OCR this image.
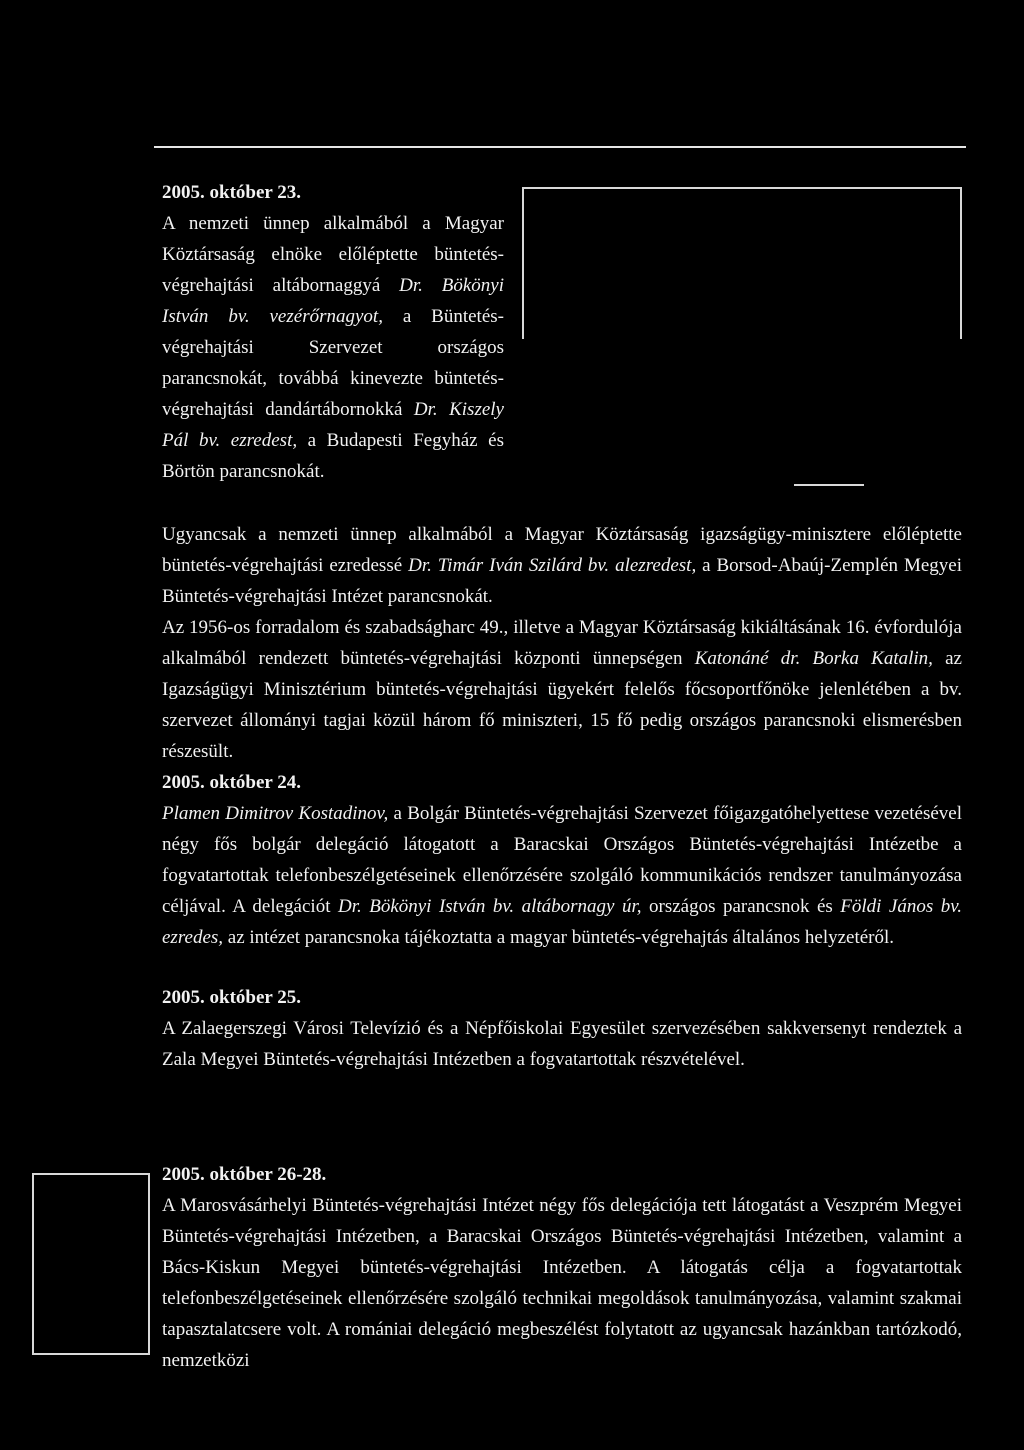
2005. október 23.

A nemzeti ünnep alkalmából a Magyar Köztársaság elnöke előléptette büntetés-végrehajtási altábornaggyá Dr. Bökönyi István bv. vezérőrnagyot, a Büntetés-végrehajtási Szervezet országos parancsnokát, továbbá kinevezte büntetés-végrehajtási dandártábornokká Dr. Kiszely Pál bv. ezredest, a Budapesti Fegyház és Börtön parancsnokát.

Ugyancsak a nemzeti ünnep alkalmából a Magyar Köztársaság igazságügy-minisztere előléptette büntetés-végrehajtási ezredessé Dr. Timár Iván Szilárd bv. alezredest, a Borsod-Abaúj-Zemplén Megyei Büntetés-végrehajtási Intézet parancsnokát.

Az 1956-os forradalom és szabadságharc 49., illetve a Magyar Köztársaság kikiáltásának 16. évfordulója alkalmából rendezett büntetés-végrehajtási központi ünnepségen Katonáné dr. Borka Katalin, az Igazságügyi Minisztérium büntetés-végrehajtási ügyekért felelős főcsoportfőnöke jelenlétében a bv. szervezet állományi tagjai közül három fő miniszteri, 15 fő pedig országos parancsnoki elismerésben részesült.

2005. október 24.

Plamen Dimitrov Kostadinov, a Bolgár Büntetés-végrehajtási Szervezet főigazgatóhelyettese vezetésével négy fős bolgár delegáció látogatott a Baracskai Országos Büntetés-végrehajtási Intézetbe a fogvatartottak telefonbeszélgetéseinek ellenőrzésére szolgáló kommunikációs rendszer tanulmányozása céljával. A delegációt Dr. Bökönyi István bv. altábornagy úr, országos parancsnok és Földi János bv. ezredes, az intézet parancsnoka tájékoztatta a magyar büntetés-végrehajtás általános helyzetéről.

2005. október 25.

A Zalaegerszegi Városi Televízió és a Népfőiskolai Egyesület szervezésében sakkversenyt rendeztek a Zala Megyei Büntetés-végrehajtási Intézetben a fogvatartottak részvételével.

2005. október 26-28.

A Marosvásárhelyi Büntetés-végrehajtási Intézet négy fős delegációja tett látogatást a Veszprém Megyei Büntetés-végrehajtási Intézetben, a Baracskai Országos Büntetés-végrehajtási Intézetben, valamint a Bács-Kiskun Megyei büntetés-végrehajtási Intézetben. A látogatás célja a fogvatartottak telefonbeszélgetéseinek ellenőrzésére szolgáló technikai megoldások tanulmányozása, valamint szakmai tapasztalatcsere volt. A romániai delegáció megbeszélést folytatott az ugyancsak hazánkban tartózkodó, nemzetközi
